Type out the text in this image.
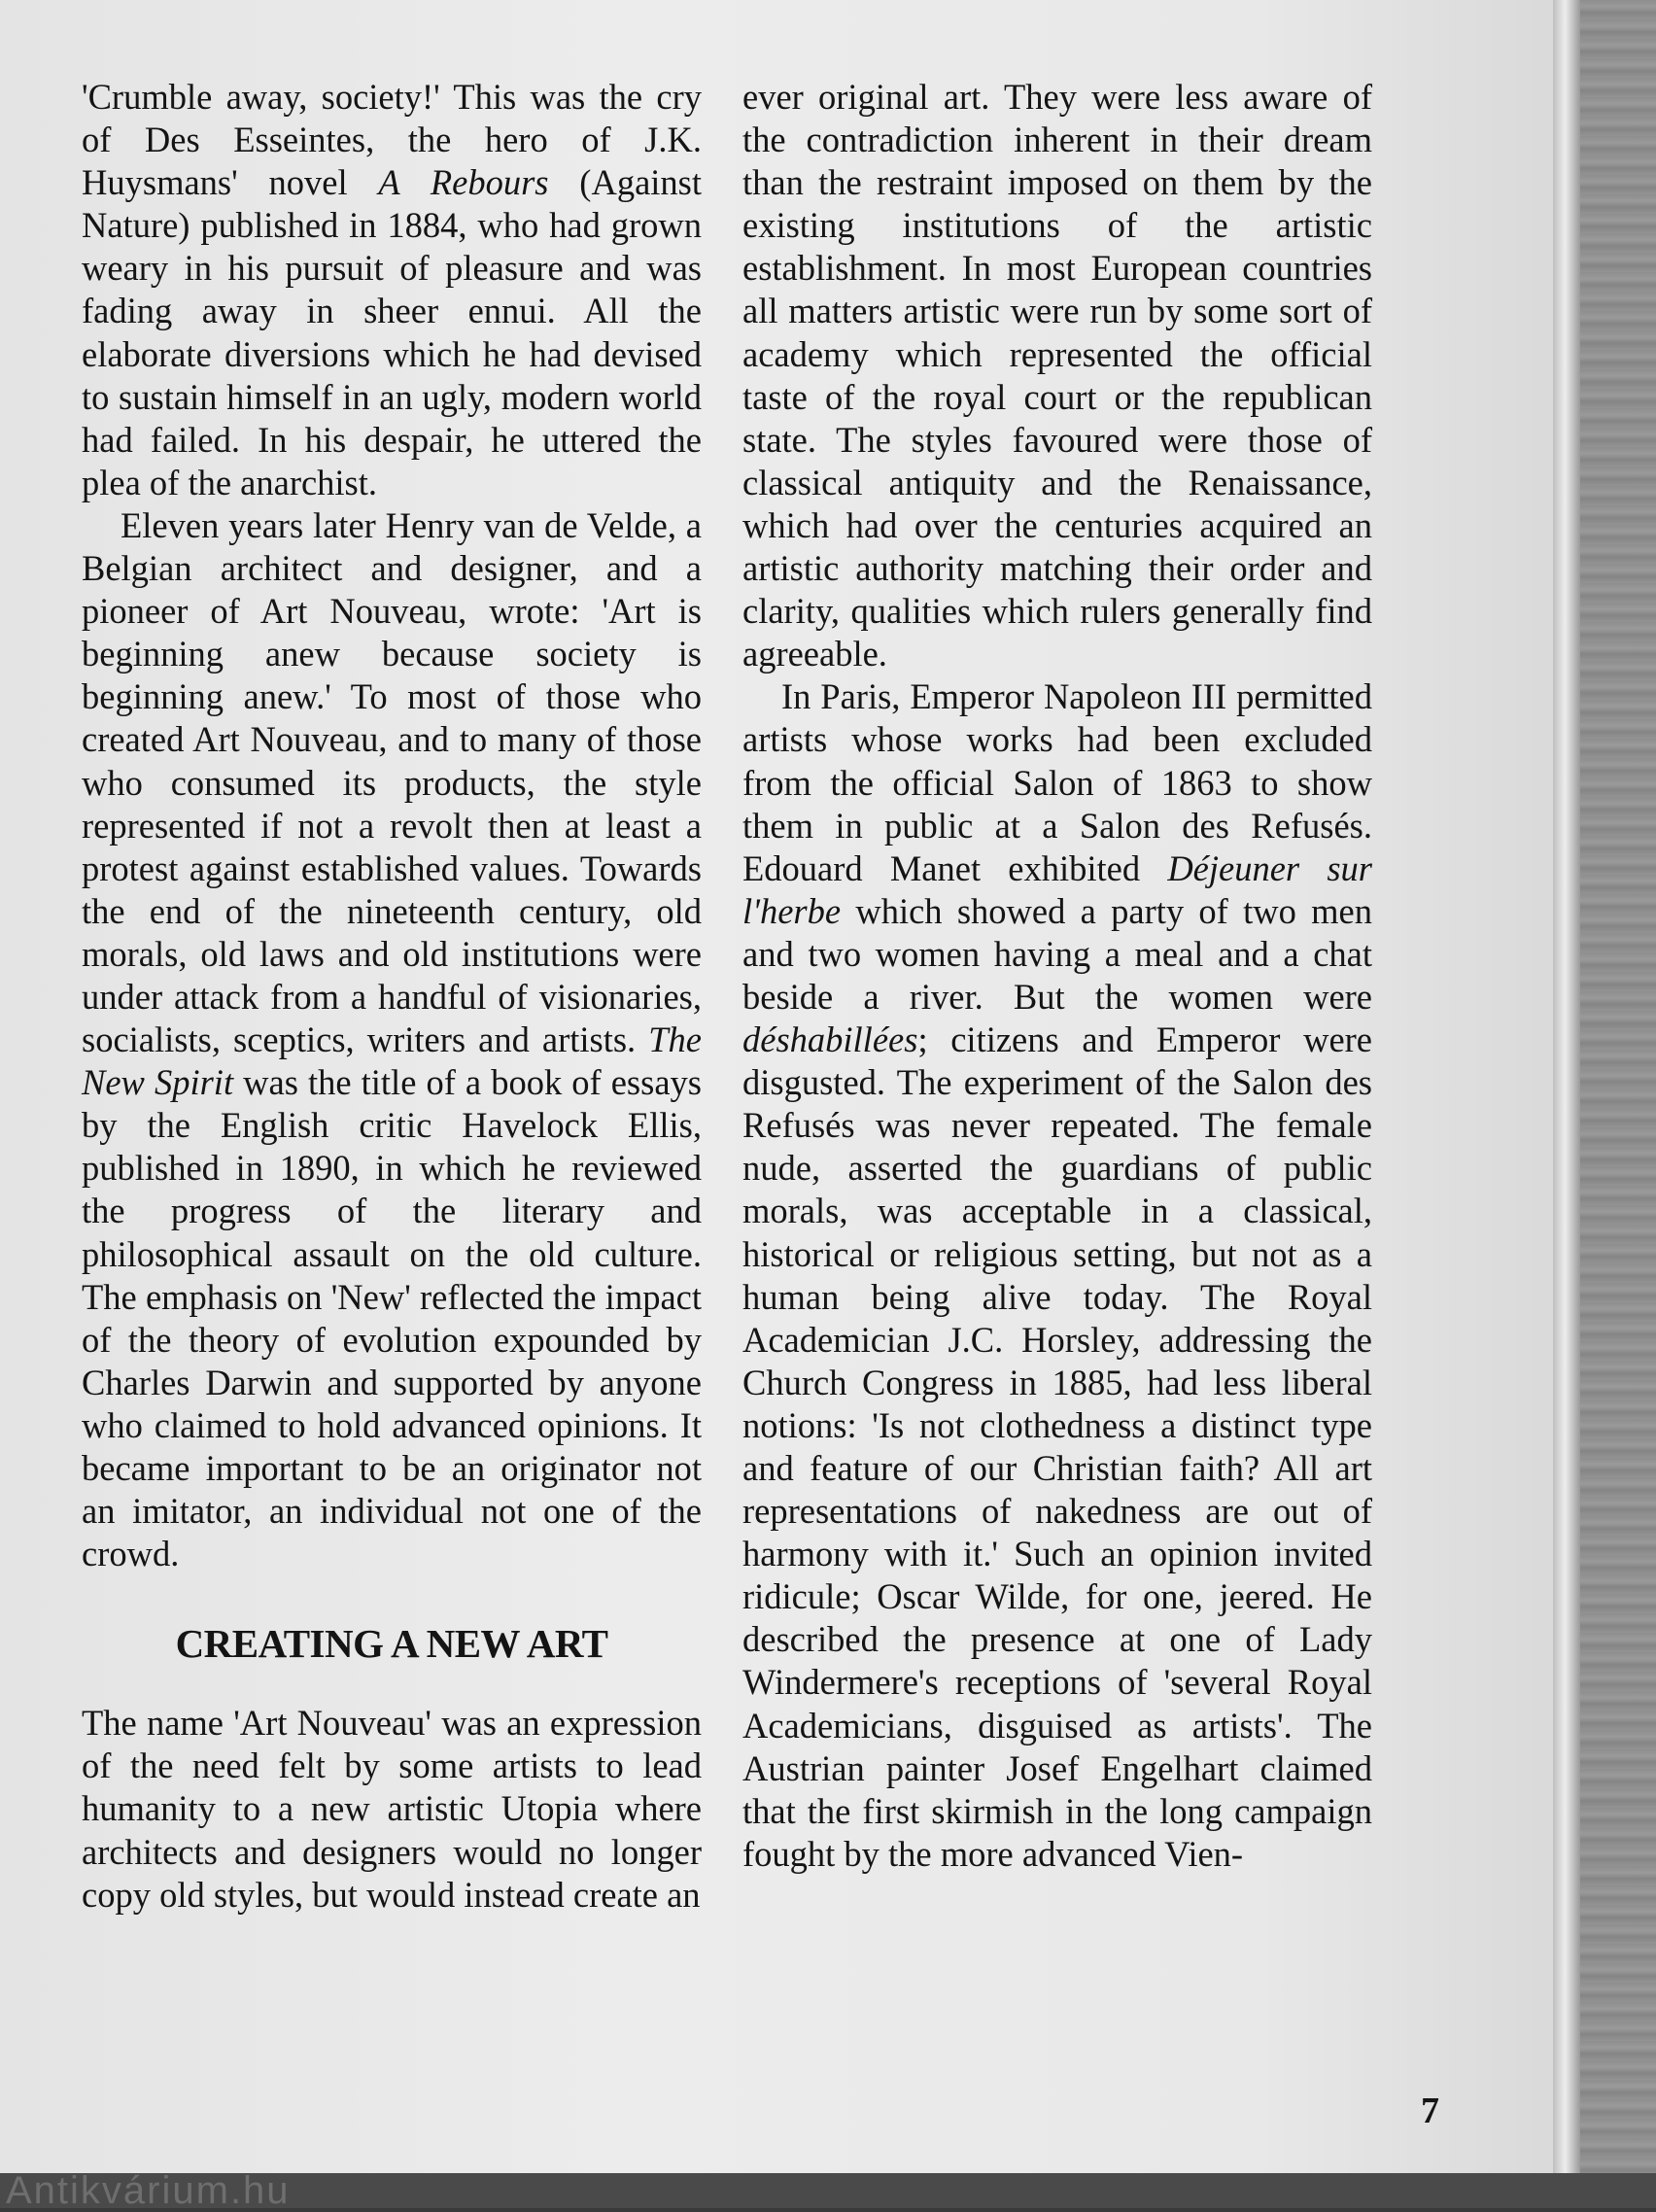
'Crumble away, society!' This was the cry of Des Esseintes, the hero of J.K. Huysmans' novel A Rebours (Against Nature) published in 1884, who had grown weary in his pursuit of pleasure and was fading away in sheer ennui. All the elaborate diversions which he had devised to sustain himself in an ugly, modern world had failed. In his despair, he uttered the plea of the anarchist.

Eleven years later Henry van de Velde, a Belgian architect and designer, and a pioneer of Art Nouveau, wrote: 'Art is beginning anew because society is beginning anew.' To most of those who created Art Nouveau, and to many of those who consumed its products, the style represented if not a revolt then at least a protest against established values. Towards the end of the nineteenth century, old morals, old laws and old institutions were under attack from a handful of visionaries, socialists, sceptics, writers and artists. The New Spirit was the title of a book of essays by the English critic Havelock Ellis, published in 1890, in which he reviewed the progress of the literary and philosophical assault on the old culture. The emphasis on 'New' reflected the impact of the theory of evolution expounded by Charles Darwin and supported by anyone who claimed to hold advanced opinions. It became important to be an originator not an imitator, an individual not one of the crowd.

CREATING A NEW ART

The name 'Art Nouveau' was an expression of the need felt by some artists to lead humanity to a new artistic Utopia where architects and designers would no longer copy old styles, but would instead create an

ever original art. They were less aware of the contradiction inherent in their dream than the restraint imposed on them by the existing institutions of the artistic establishment. In most European countries all matters artistic were run by some sort of academy which represented the official taste of the royal court or the republican state. The styles favoured were those of classical antiquity and the Renaissance, which had over the centuries acquired an artistic authority matching their order and clarity, qualities which rulers generally find agreeable.

In Paris, Emperor Napoleon III permitted artists whose works had been excluded from the official Salon of 1863 to show them in public at a Salon des Refusés. Edouard Manet exhibited Déjeuner sur l'herbe which showed a party of two men and two women having a meal and a chat beside a river. But the women were déshabillées; citizens and Emperor were disgusted. The experiment of the Salon des Refusés was never repeated. The female nude, asserted the guardians of public morals, was acceptable in a classical, historical or religious setting, but not as a human being alive today. The Royal Academician J.C. Horsley, addressing the Church Congress in 1885, had less liberal notions: 'Is not clothedness a distinct type and feature of our Christian faith? All art representations of nakedness are out of harmony with it.' Such an opinion invited ridicule; Oscar Wilde, for one, jeered. He described the presence at one of Lady Windermere's receptions of 'several Royal Academicians, disguised as artists'. The Austrian painter Josef Engelhart claimed that the first skirmish in the long campaign fought by the more advanced Vien-

7
Antikvárium.hu
